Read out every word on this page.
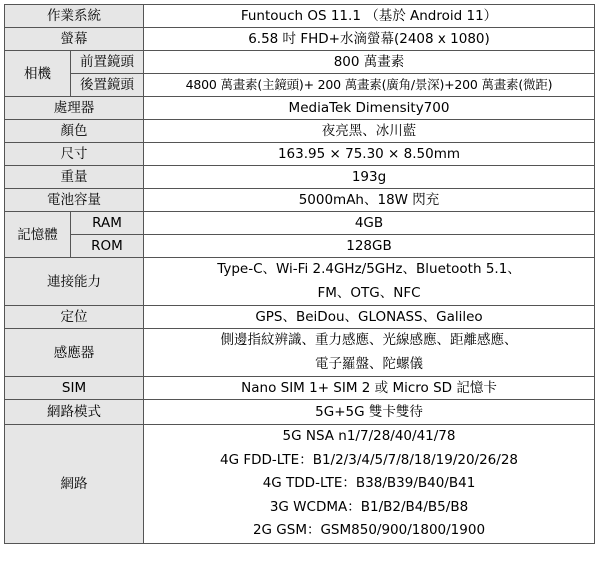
作業系統		Funtouch OS 11.1 （基於 Android 11）
螢幕		6.58 吋 FHD+水滴螢幕(2408 x 1080)
相機	前置鏡頭	800 萬畫素
	後置鏡頭	4800 萬畫素(主鏡頭)+ 200 萬畫素(廣角/景深)+200 萬畫素(微距)
處理器		MediaTek Dimensity700
顏色		夜亮黑、冰川藍
尺寸		163.95 × 75.30 × 8.50mm
重量		193g
電池容量		5000mAh、18W 閃充
記憶體	RAM	4GB
	ROM	128GB
連接能力		Type-C、Wi-Fi 2.4GHz/5GHz、Bluetooth 5.1、
FM、OTG、NFC

定位		GPS、BeiDou、GLONASS、Galileo
感應器		側邊指紋辨識、重力感應、光線感應、距離感應、
電子羅盤、陀螺儀

SIM		Nano SIM 1+ SIM 2 或 Micro SD 記憶卡
網路模式		5G+5G 雙卡雙待
網路		5G NSA n1/7/28/40/41/78
4G FDD-LTE：B1/2/3/4/5/7/8/18/19/20/26/28
4G TDD-LTE：B38/B39/B40/B41
3G WCDMA：B1/B2/B4/B5/B8
2G GSM：GSM850/900/1800/1900
